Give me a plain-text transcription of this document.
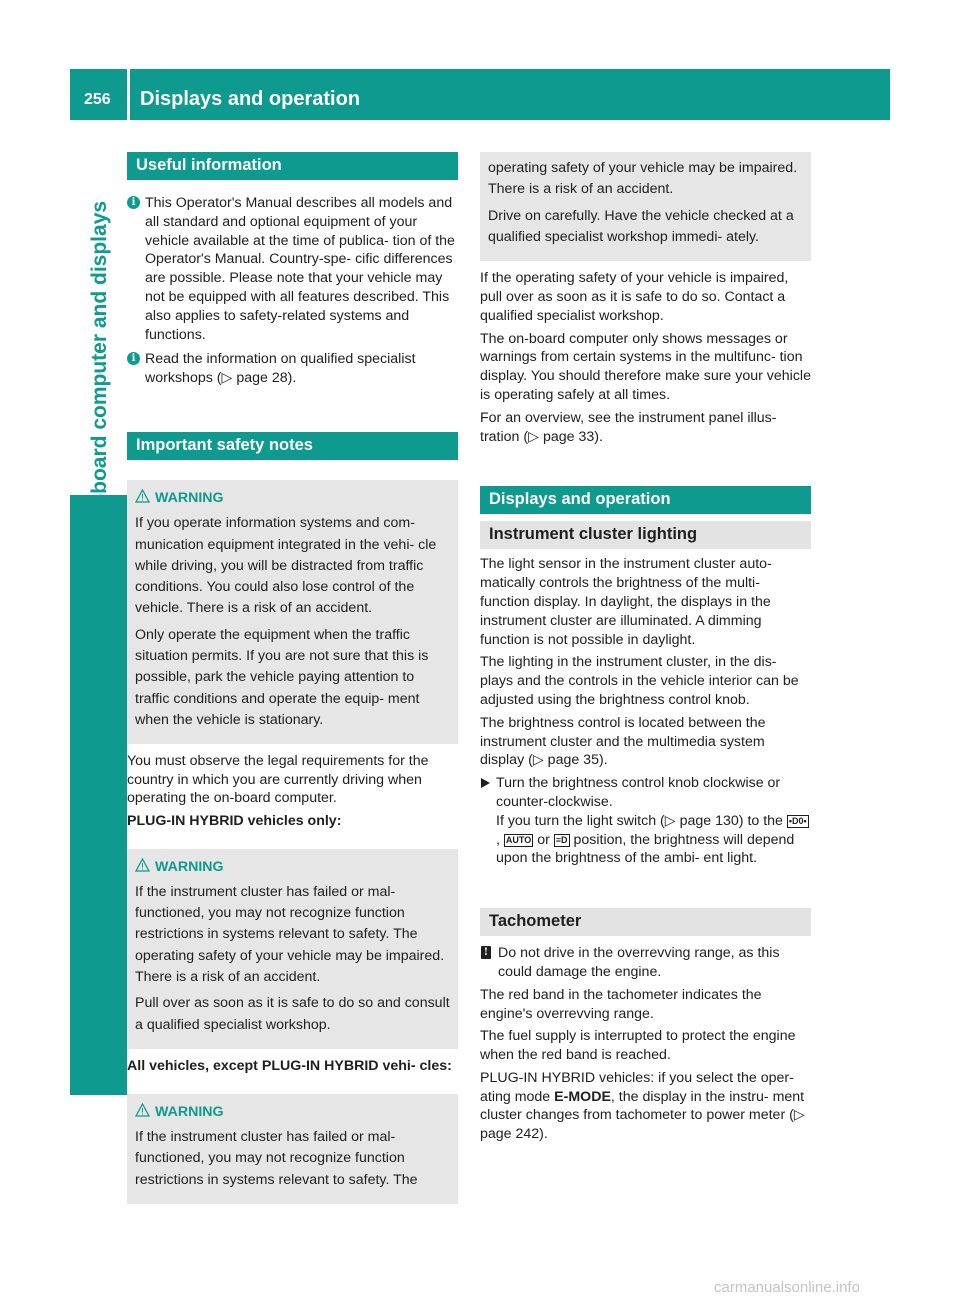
256 Displays and operation
On-board computer and displays
Useful information
i This Operator's Manual describes all models and all standard and optional equipment of your vehicle available at the time of publica- tion of the Operator's Manual. Country-spe- cific differences are possible. Please note that your vehicle may not be equipped with all features described. This also applies to safety-related systems and functions.
i Read the information on qualified specialist workshops (▷ page 28).
Important safety notes
WARNING

If you operate information systems and com- munication equipment integrated in the vehi- cle while driving, you will be distracted from traffic conditions. You could also lose control of the vehicle. There is a risk of an accident.

Only operate the equipment when the traffic situation permits. If you are not sure that this is possible, park the vehicle paying attention to traffic conditions and operate the equip- ment when the vehicle is stationary.

You must observe the legal requirements for the country in which you are currently driving when operating the on-board computer.

PLUG-IN HYBRID vehicles only:

WARNING

If the instrument cluster has failed or mal- functioned, you may not recognize function restrictions in systems relevant to safety. The operating safety of your vehicle may be impaired. There is a risk of an accident.

Pull over as soon as it is safe to do so and consult a qualified specialist workshop.

All vehicles, except PLUG-IN HYBRID vehi- cles:

WARNING

If the instrument cluster has failed or mal- functioned, you may not recognize function restrictions in systems relevant to safety. The

operating safety of your vehicle may be impaired. There is a risk of an accident.

Drive on carefully. Have the vehicle checked at a qualified specialist workshop immedi- ately.

If the operating safety of your vehicle is impaired, pull over as soon as it is safe to do so. Contact a qualified specialist workshop.

The on-board computer only shows messages or warnings from certain systems in the multifunc- tion display. You should therefore make sure your vehicle is operating safely at all times.

For an overview, see the instrument panel illus- tration (▷ page 33).

Displays and operation
Instrument cluster lighting

The light sensor in the instrument cluster auto- matically controls the brightness of the multi- function display. In daylight, the displays in the instrument cluster are illuminated. A dimming function is not possible in daylight.

The lighting in the instrument cluster, in the dis- plays and the controls in the vehicle interior can be adjusted using the brightness control knob.

The brightness control is located between the instrument cluster and the multimedia system display (▷ page 35).

Turn the brightness control knob clockwise or counter-clockwise.
If you turn the light switch (▷ page 130) to the •D0•, AUTO or ≡D position, the brightness will depend upon the brightness of the ambi- ent light.
Tachometer
! Do not drive in the overrevving range, as this could damage the engine.

The red band in the tachometer indicates the engine's overrevving range.

The fuel supply is interrupted to protect the engine when the red band is reached.

PLUG-IN HYBRID vehicles: if you select the oper- ating mode E-MODE, the display in the instru- ment cluster changes from tachometer to power meter (▷ page 242).

carmanualsonline.info
